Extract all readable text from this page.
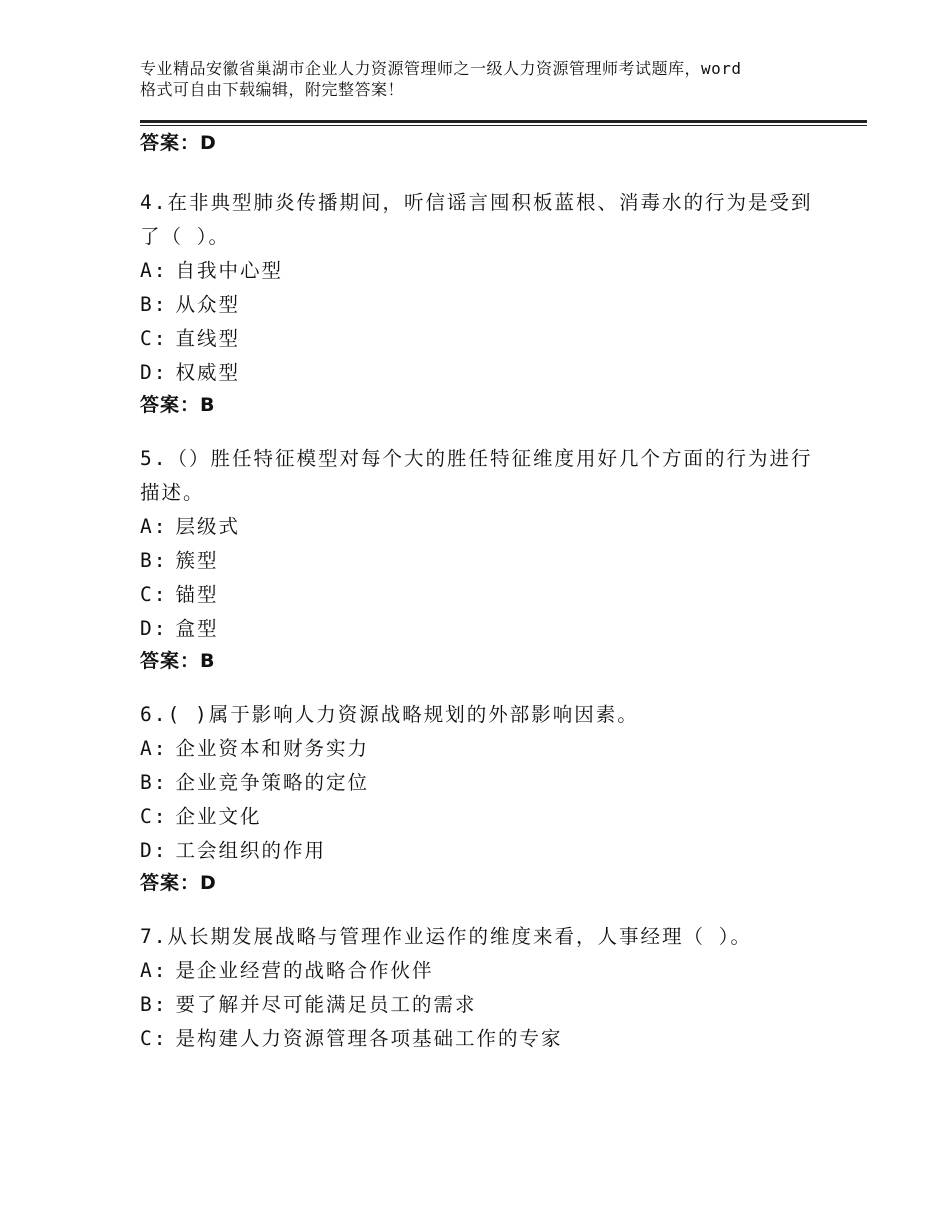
专业精品安徽省巢湖市企业人力资源管理师之一级人力资源管理师考试题库，word
格式可自由下载编辑，附完整答案！
答案：D
4.在非典型肺炎传播期间，听信谣言囤积板蓝根、消毒水的行为是受到了（ ）。
A: 自我中心型
B: 从众型
C: 直线型
D: 权威型
答案：B
5.（）胜任特征模型对每个大的胜任特征维度用好几个方面的行为进行描述。
A: 层级式
B: 簇型
C: 锚型
D: 盒型
答案：B
6.( )属于影响人力资源战略规划的外部影响因素。
A: 企业资本和财务实力
B: 企业竞争策略的定位
C: 企业文化
D: 工会组织的作用
答案：D
7.从长期发展战略与管理作业运作的维度来看，人事经理（ ）。
A: 是企业经营的战略合作伙伴
B: 要了解并尽可能满足员工的需求
C: 是构建人力资源管理各项基础工作的专家
